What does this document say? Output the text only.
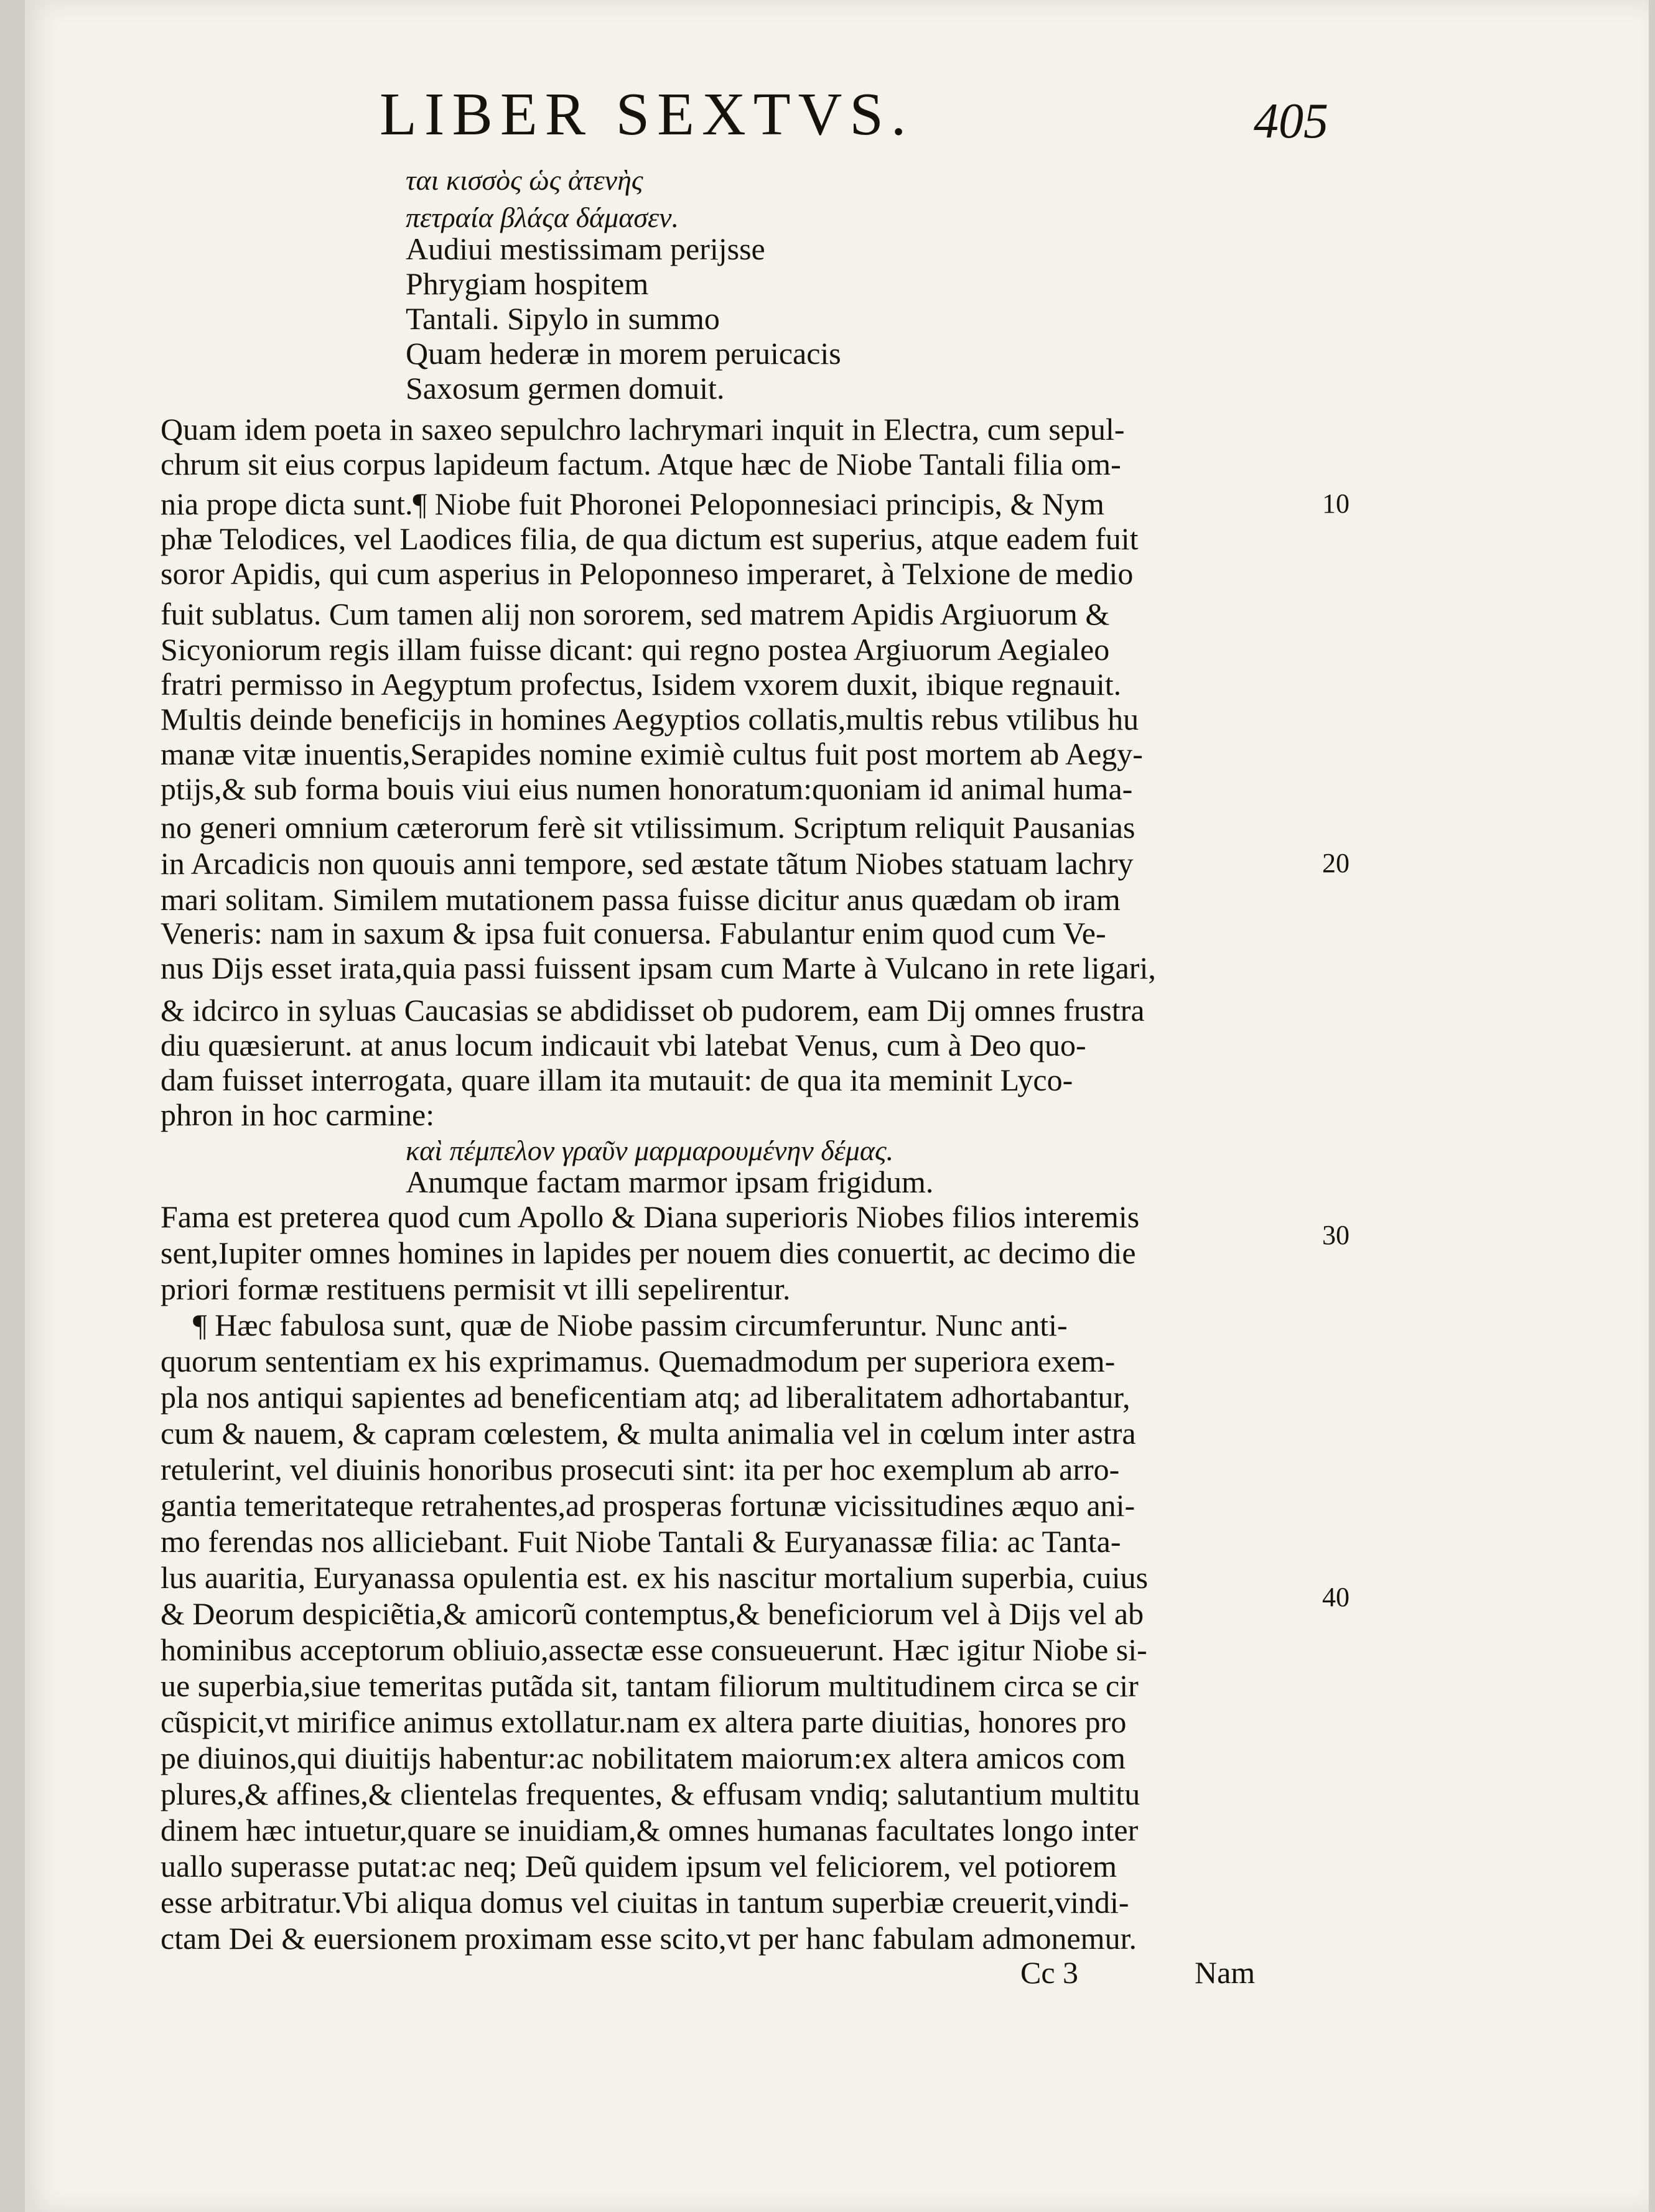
LIBER SEXTVS.	405
ται κισσὸς ὡς ἀτενὴς
πετραία βλάςα δάμασεν.
Audiui mestissimam perijsse
Phrygiam hospitem
Tantali. Sipylo in summo
Quam hederæ in morem peruicacis
Saxosum germen domuit.
Quam idem poeta in saxeo sepulchro lachrymari inquit in Electra, cum sepul-
chrum sit eius corpus lapideum factum. Atque hæc de Niobe Tantali filia om-
nia prope dicta sunt.¶ Niobe fuit Phoronei Peloponnesiaci principis, & Nym
phæ Telodices, vel Laodices filia, de qua dictum est superius, atque eadem fuit
soror Apidis, qui cum asperius in Peloponneso imperaret, à Telxione de medio
fuit sublatus. Cum tamen alij non sororem, sed matrem Apidis Argiuorum &
Sicyoniorum regis illam fuisse dicant: qui regno postea Argiuorum Aegialeo
fratri permisso in Aegyptum profectus, Isidem vxorem duxit, ibique regnauit.
Multis deinde beneficijs in homines Aegyptios collatis,multis rebus vtilibus hu
manæ vitæ inuentis,Serapides nomine eximiè cultus fuit post mortem ab Aegy-
ptijs,& sub forma bouis viui eius numen honoratum:quoniam id animal huma-
no generi omnium cæterorum ferè sit vtilissimum. Scriptum reliquit Pausanias
in Arcadicis non quouis anni tempore, sed æstate tãtum Niobes statuam lachry
mari solitam. Similem mutationem passa fuisse dicitur anus quædam ob iram
Veneris: nam in saxum & ipsa fuit conuersa. Fabulantur enim quod cum Ve-
nus Dijs esset irata,quia passi fuissent ipsam cum Marte à Vulcano in rete ligari,
& idcirco in syluas Caucasias se abdidisset ob pudorem, eam Dij omnes frustra
diu quæsierunt. at anus locum indicauit vbi latebat Venus, cum à Deo quo-
dam fuisset interrogata, quare illam ita mutauit: de qua ita meminit Lyco-
phron in hoc carmine:
καὶ πέμπελον γραῦν μαρμαρουμένην δέμας.
Anumque factam marmor ipsam frigidum.
Fama est preterea quod cum Apollo & Diana superioris Niobes filios interemis
sent,Iupiter omnes homines in lapides per nouem dies conuertit, ac decimo die
priori formæ restituens permisit vt illi sepelirentur.
¶ Hæc fabulosa sunt, quæ de Niobe passim circumferuntur. Nunc anti-
quorum sententiam ex his exprimamus. Quemadmodum per superiora exem-
pla nos antiqui sapientes ad beneficentiam atq; ad liberalitatem adhortabantur,
cum & nauem, & capram cœlestem, & multa animalia vel in cœlum inter astra
retulerint, vel diuinis honoribus prosecuti sint: ita per hoc exemplum ab arro-
gantia temeritateque retrahentes,ad prosperas fortunæ vicissitudines æquo ani-
mo ferendas nos alliciebant. Fuit Niobe Tantali & Euryanassæ filia: ac Tanta-
lus auaritia, Euryanassa opulentia est. ex his nascitur mortalium superbia, cuius
& Deorum despiciẽtia,& amicorũ contemptus,& beneficiorum vel à Dijs vel ab
hominibus acceptorum obliuio,assectæ esse consueuerunt. Hæc igitur Niobe si-
ue superbia,siue temeritas putãda sit, tantam filiorum multitudinem circa se cir
cũspicit,vt mirifice animus extollatur.nam ex altera parte diuitias, honores pro
pe diuinos,qui diuitijs habentur:ac nobilitatem maiorum:ex altera amicos com
plures,& affines,& clientelas frequentes, & effusam vndiq; salutantium multitu
dinem hæc intuetur,quare se inuidiam,& omnes humanas facultates longo inter
uallo superasse putat:ac neq; Deũ quidem ipsum vel feliciorem, vel potiorem
esse arbitratur.Vbi aliqua domus vel ciuitas in tantum superbiæ creuerit,vindi-
ctam Dei & euersionem proximam esse scito,vt per hanc fabulam admonemur.
10
20
30
40
Cc 3	Nam
